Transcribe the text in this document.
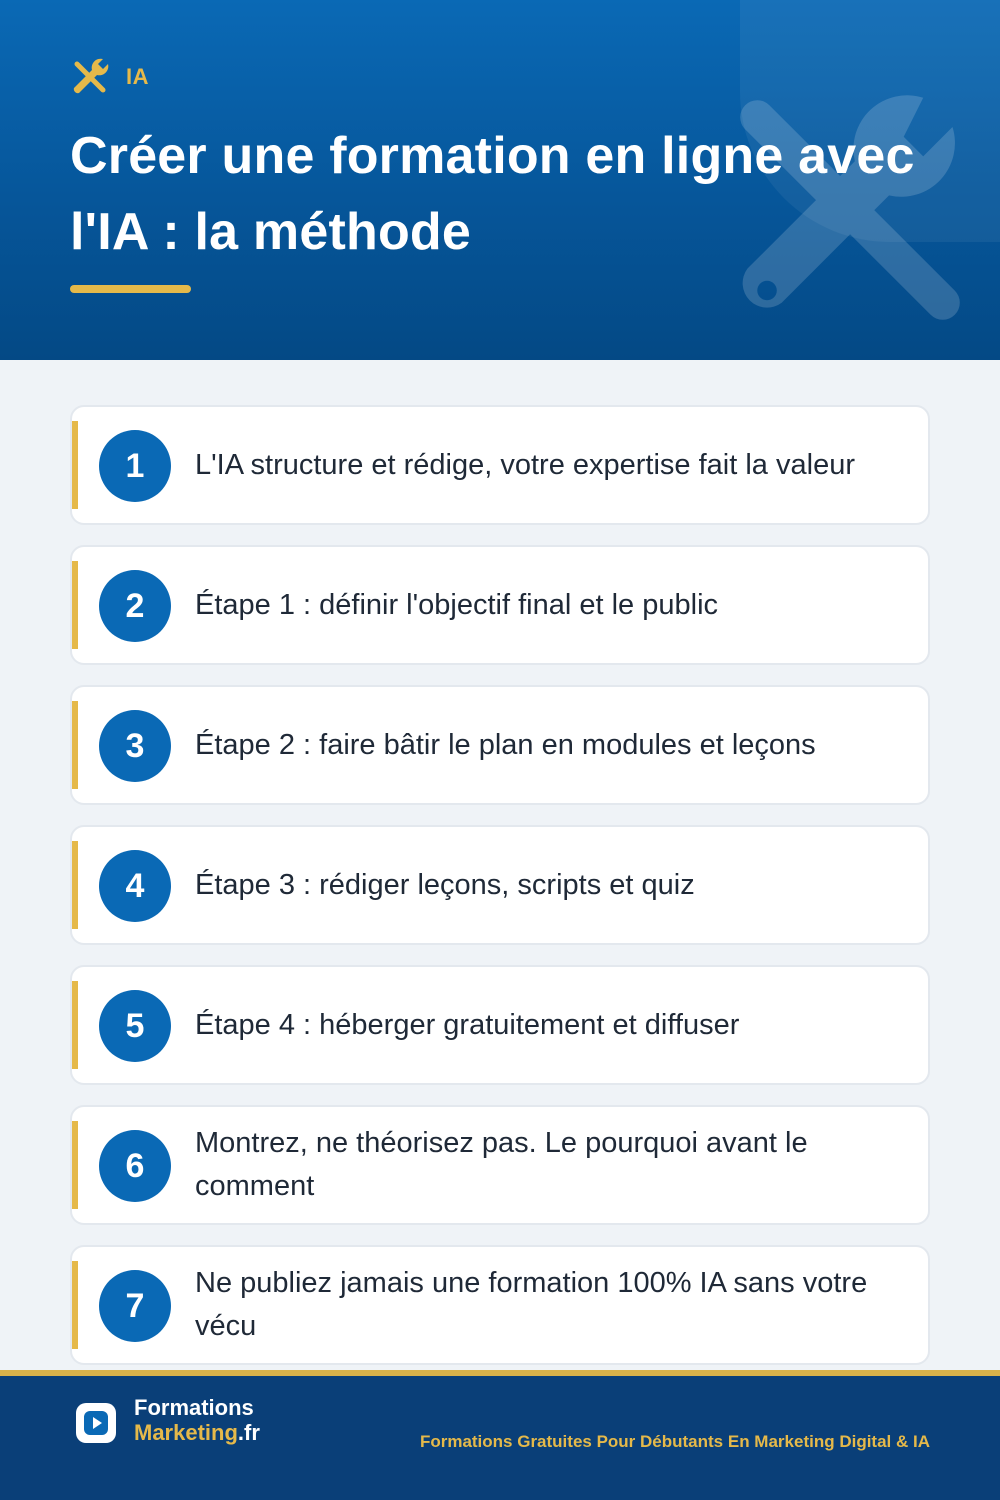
IA
Créer une formation en ligne avec l'IA : la méthode
1	L'IA structure et rédige, votre expertise fait la valeur
2	Étape 1 : définir l'objectif final et le public
3	Étape 2 : faire bâtir le plan en modules et leçons
4	Étape 3 : rédiger leçons, scripts et quiz
5	Étape 4 : héberger gratuitement et diffuser
6
Montrez, ne théorisez pas. Le pourquoi avant le comment
7
Ne publiez jamais une formation 100% IA sans votre vécu
Formations
Marketing.fr	Formations Gratuites Pour Débutants En Marketing Digital & IA
